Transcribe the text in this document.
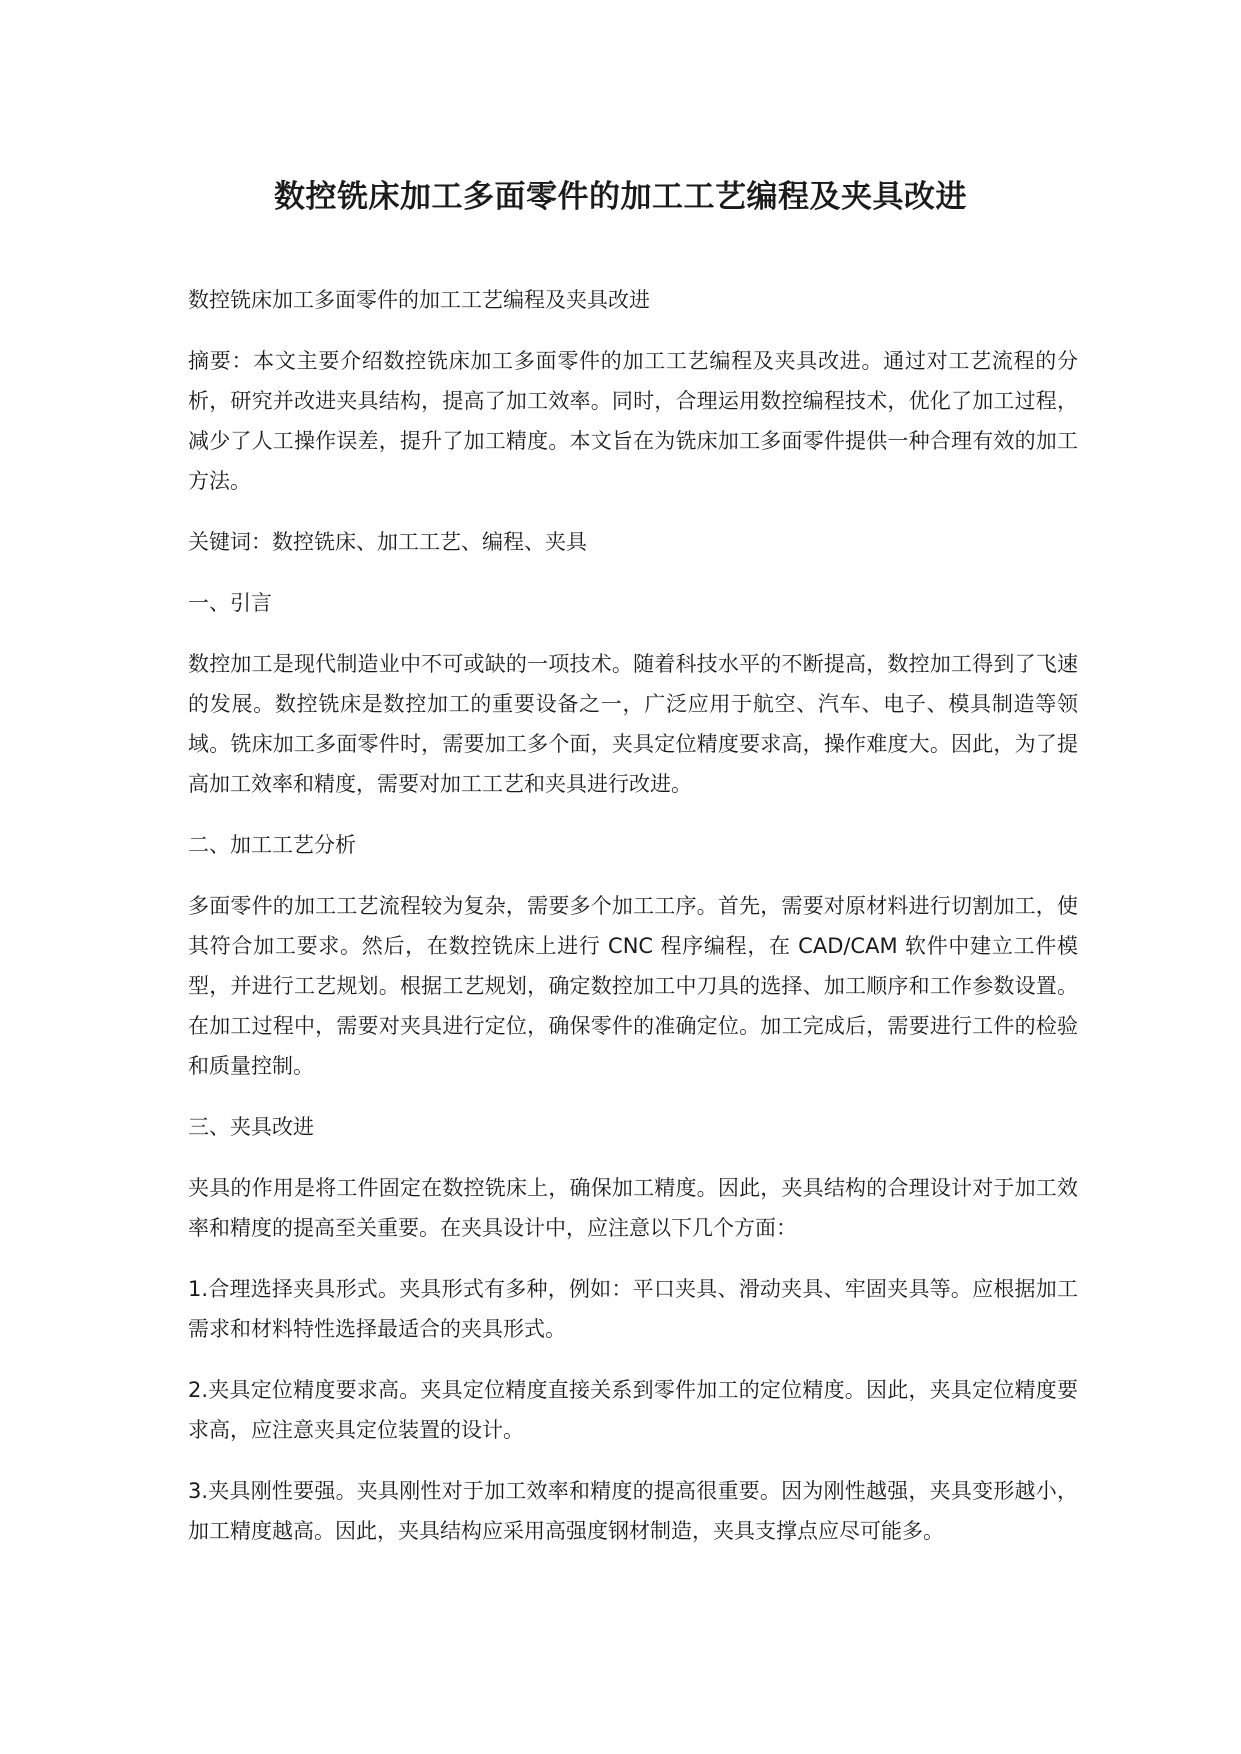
数控铣床加工多面零件的加工工艺编程及夹具改进

数控铣床加工多面零件的加工工艺编程及夹具改进

摘要：本文主要介绍数控铣床加工多面零件的加工工艺编程及夹具改进。通过对工艺流程的分析，研究并改进夹具结构，提高了加工效率。同时，合理运用数控编程技术，优化了加工过程，减少了人工操作误差，提升了加工精度。本文旨在为铣床加工多面零件提供一种合理有效的加工方法。

关键词：数控铣床、加工工艺、编程、夹具

一、引言

数控加工是现代制造业中不可或缺的一项技术。随着科技水平的不断提高，数控加工得到了飞速的发展。数控铣床是数控加工的重要设备之一，广泛应用于航空、汽车、电子、模具制造等领域。铣床加工多面零件时，需要加工多个面，夹具定位精度要求高，操作难度大。因此，为了提高加工效率和精度，需要对加工工艺和夹具进行改进。

二、加工工艺分析

多面零件的加工工艺流程较为复杂，需要多个加工工序。首先，需要对原材料进行切割加工，使其符合加工要求。然后，在数控铣床上进行 CNC 程序编程，在 CAD/CAM 软件中建立工件模型，并进行工艺规划。根据工艺规划，确定数控加工中刀具的选择、加工顺序和工作参数设置。在加工过程中，需要对夹具进行定位，确保零件的准确定位。加工完成后，需要进行工件的检验和质量控制。

三、夹具改进

夹具的作用是将工件固定在数控铣床上，确保加工精度。因此，夹具结构的合理设计对于加工效率和精度的提高至关重要。在夹具设计中，应注意以下几个方面：

1.合理选择夹具形式。夹具形式有多种，例如：平口夹具、滑动夹具、牢固夹具等。应根据加工需求和材料特性选择最适合的夹具形式。

2.夹具定位精度要求高。夹具定位精度直接关系到零件加工的定位精度。因此，夹具定位精度要求高，应注意夹具定位装置的设计。

3.夹具刚性要强。夹具刚性对于加工效率和精度的提高很重要。因为刚性越强，夹具变形越小，加工精度越高。因此，夹具结构应采用高强度钢材制造，夹具支撑点应尽可能多。
